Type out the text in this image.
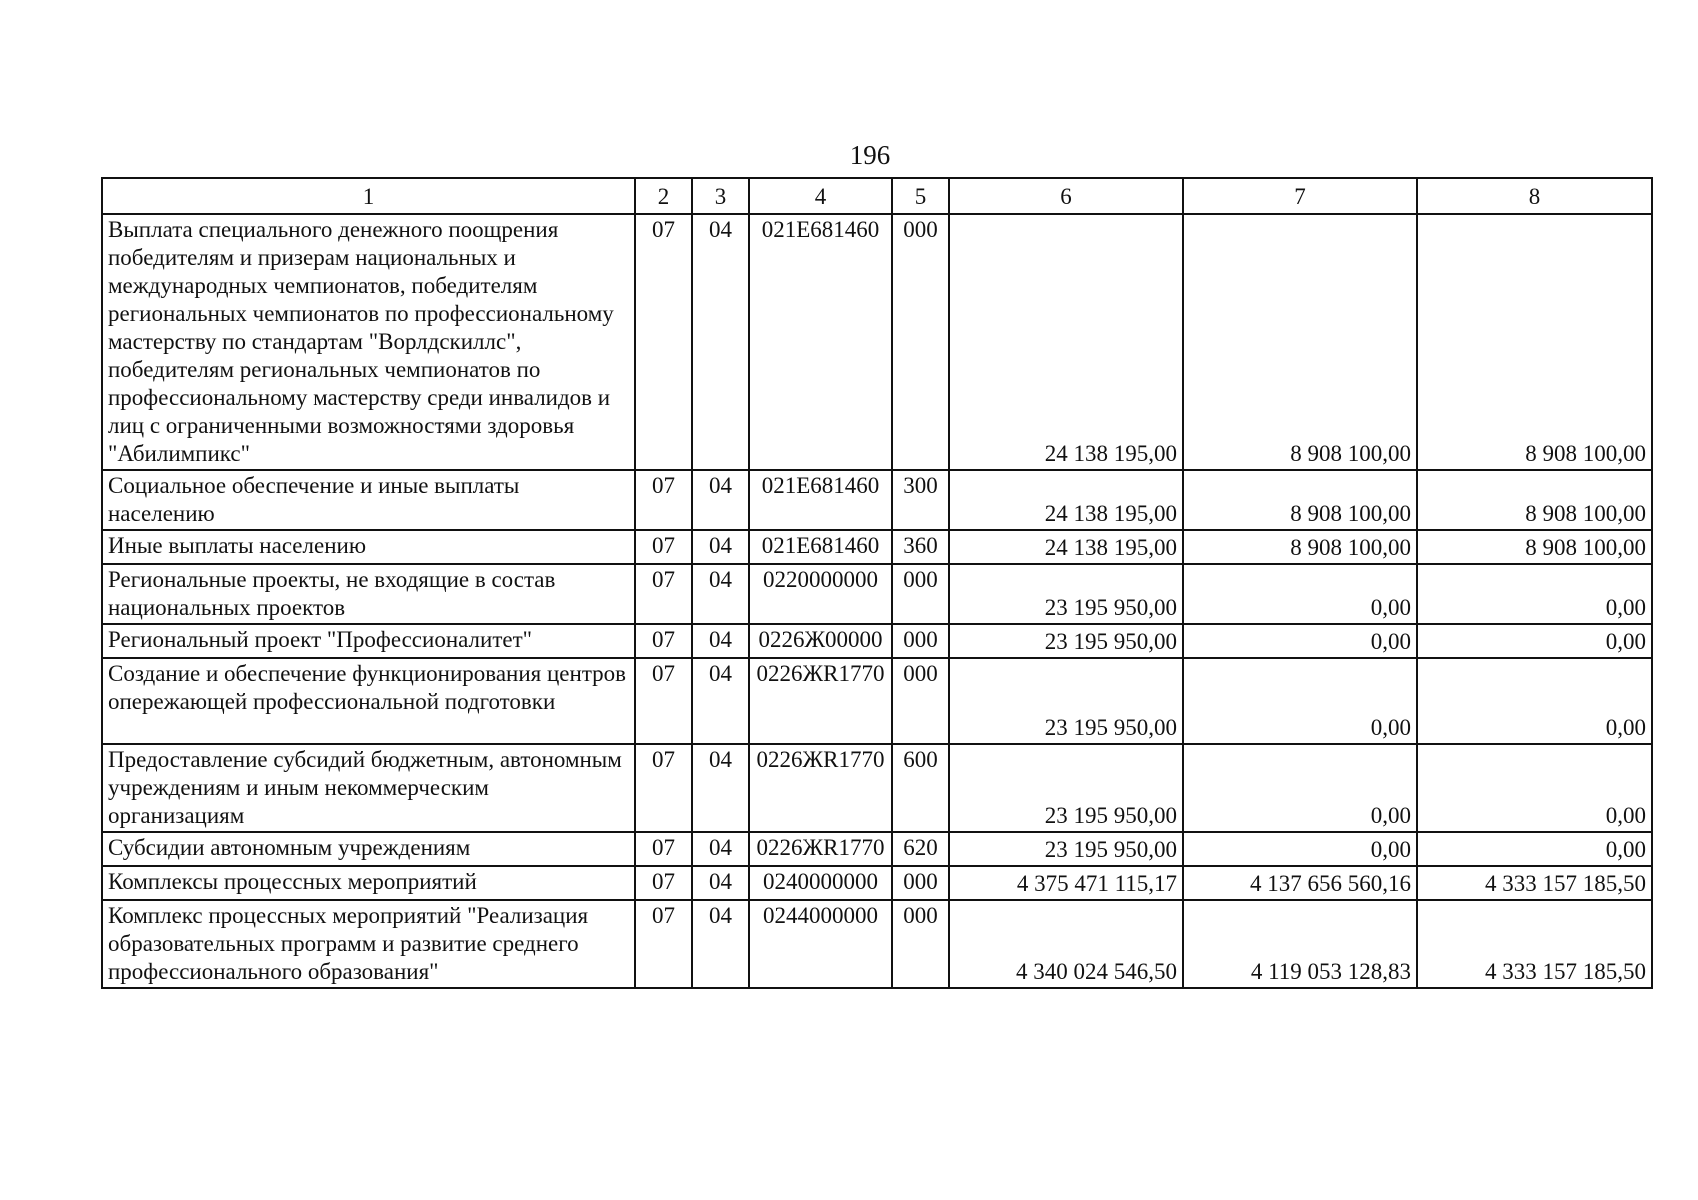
196
1	2	3	4	5	6	7	8
Выплата специального денежного поощрения победителям и призерам национальных и международных чемпионатов, победителям региональных чемпионатов по профессиональному мастерству по стандартам "Ворлдскиллс", победителям региональных чемпионатов по профессиональному мастерству среди инвалидов и лиц с ограниченными возможностями здоровья "Абилимпикс"	07	04	021E681460	000	24 138 195,00	8 908 100,00	8 908 100,00
Социальное обеспечение и иные выплаты населению	07	04	021E681460	300	24 138 195,00	8 908 100,00	8 908 100,00
Иные выплаты населению	07	04	021E681460	360	24 138 195,00	8 908 100,00	8 908 100,00
Региональные проекты, не входящие в состав национальных проектов	07	04	0220000000	000	23 195 950,00	0,00	0,00
Региональный проект "Профессионалитет"	07	04	0226Ж00000	000	23 195 950,00	0,00	0,00
Создание и обеспечение функционирования центров опережающей профессиональной подготовки	07	04	0226ЖR1770	000	23 195 950,00	0,00	0,00
Предоставление субсидий бюджетным, автономным учреждениям и иным некоммерческим организациям	07	04	0226ЖR1770	600	23 195 950,00	0,00	0,00
Субсидии автономным учреждениям	07	04	0226ЖR1770	620	23 195 950,00	0,00	0,00
Комплексы процессных мероприятий	07	04	0240000000	000	4 375 471 115,17	4 137 656 560,16	4 333 157 185,50
Комплекс процессных мероприятий "Реализация образовательных программ и развитие среднего профессионального образования"	07	04	0244000000	000	4 340 024 546,50	4 119 053 128,83	4 333 157 185,50
